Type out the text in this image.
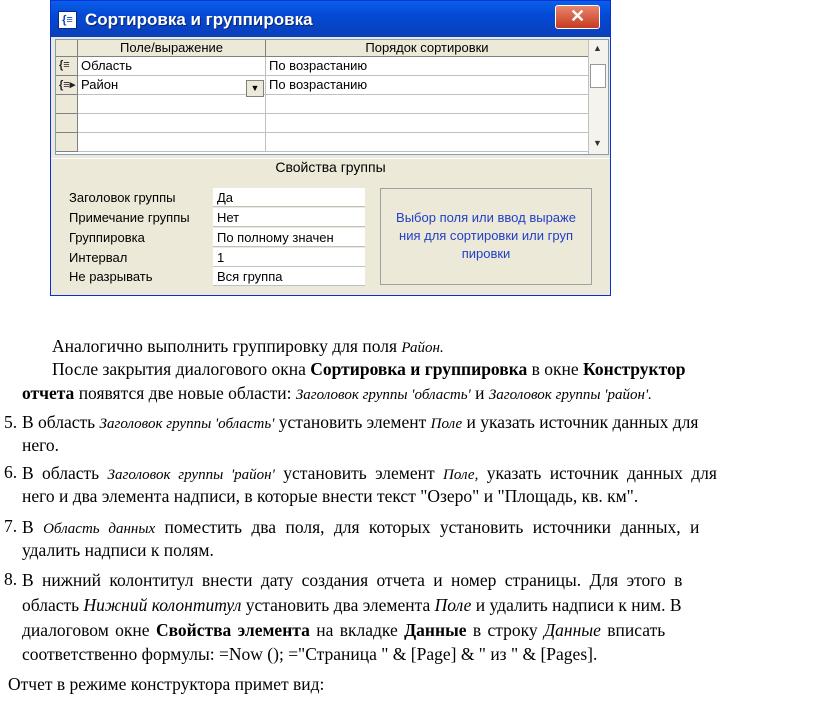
{≡ Сортировка и группировка	✕
Поле/выражение	Порядок сортировки
{≡ Область	По возрастанию
{≡▸ Район	По возрастанию
▼
▲
▼
Свойства группы
Заголовок группы	Да
Примечание группы	Нет
Группировка	По полному значен
Интервал	1
Не разрывать	Вся группа
Выбор поля или ввод выраже ния для сортировки или груп пировки
Аналогично выполнить группировку для поля Район.
После закрытия диалогового окна Сортировка и группировка в окне Конструктор
отчета появятся две новые области: Заголовок группы 'область' и Заголовок группы 'район'.
5. В область Заголовок группы 'область' установить элемент Поле и указать источник данных для
него.
6. В область Заголовок группы 'район' установить элемент Поле, указать источник данных для
него и два элемента надписи, в которые внести текст "Озеро" и "Площадь, кв. км".
7. В Область данных поместить два поля, для которых установить источники данных, и
удалить надписи к полям.
8. В нижний колонтитул внести дату создания отчета и номер страницы. Для этого в
область Нижний колонтитул установить два элемента Поле и удалить надписи к ним. В
диалоговом окне Свойства элемента на вкладке Данные в строку Данные вписать
соответственно формулы: =Now (); ="Страница " & [Page] & " из " & [Pages].
Отчет в режиме конструктора примет вид:
